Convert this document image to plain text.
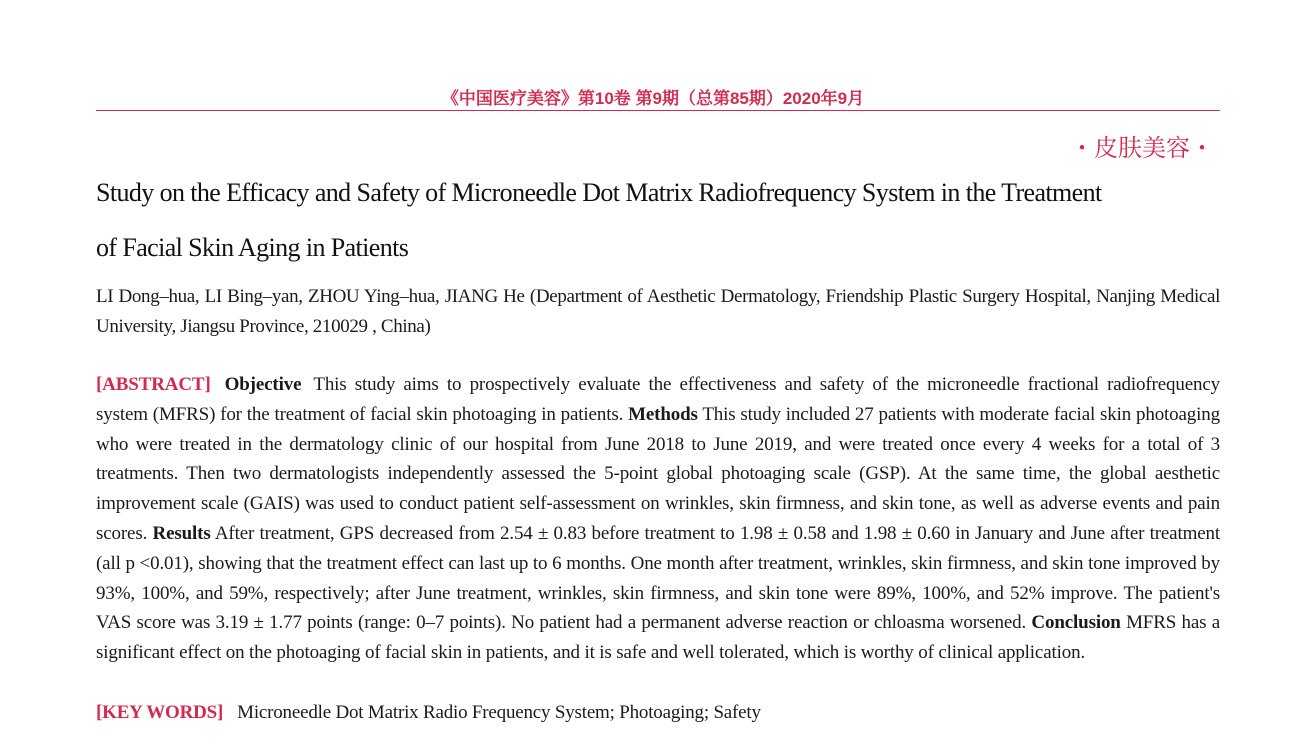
《中国医疗美容》第10卷 第9期（总第85期）2020年9月
・皮肤美容・
Study on the Efficacy and Safety of Microneedle Dot Matrix Radiofrequency System in the Treatment
of Facial Skin Aging in Patients
LI Dong–hua, LI Bing–yan, ZHOU Ying–hua, JIANG He (Department of Aesthetic Dermatology, Friendship Plastic Surgery Hospital, Nanjing Medical University, Jiangsu Province, 210029 , China)

[ABSTRACT] Objective This study aims to prospectively evaluate the effectiveness and safety of the microneedle fractional radiofrequency system (MFRS) for the treatment of facial skin photoaging in patients. Methods This study included 27 patients with moderate facial skin photoaging who were treated in the dermatology clinic of our hospital from June 2018 to June 2019, and were treated once every 4 weeks for a total of 3 treatments. Then two dermatologists independently assessed the 5-point global photoaging scale (GSP). At the same time, the global aesthetic improvement scale (GAIS) was used to conduct patient self-assessment on wrinkles, skin firmness, and skin tone, as well as adverse events and pain scores. Results After treatment, GPS decreased from 2.54 ± 0.83 before treatment to 1.98 ± 0.58 and 1.98 ± 0.60 in January and June after treatment (all p <0.01), showing that the treatment effect can last up to 6 months. One month after treatment, wrinkles, skin firmness, and skin tone improved by 93%, 100%, and 59%, respectively; after June treatment, wrinkles, skin firmness, and skin tone were 89%, 100%, and 52% improve. The patient's VAS score was 3.19 ± 1.77 points (range: 0–7 points). No patient had a permanent adverse reaction or chloasma worsened. Conclusion MFRS has a significant effect on the photoaging of facial skin in patients, and it is safe and well tolerated, which is worthy of clinical application.

[KEY WORDS] Microneedle Dot Matrix Radio Frequency System; Photoaging; Safety
